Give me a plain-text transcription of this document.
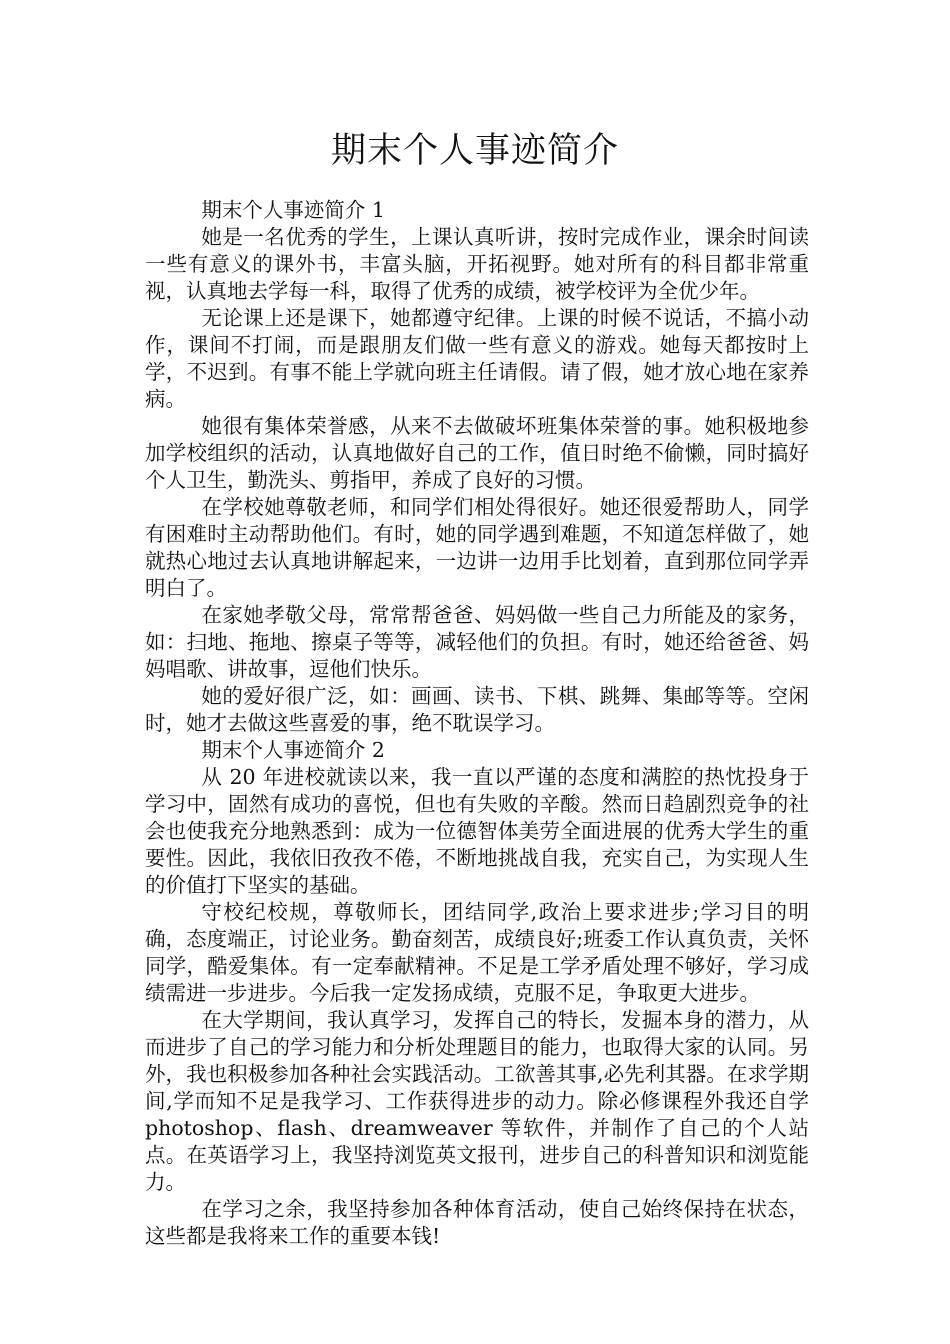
期末个人事迹简介

期末个人事迹简介 1

她是一名优秀的学生，上课认真听讲，按时完成作业，课余时间读一些有意义的课外书，丰富头脑，开拓视野。她对所有的科目都非常重视，认真地去学每一科，取得了优秀的成绩，被学校评为全优少年。

无论课上还是课下，她都遵守纪律。上课的时候不说话，不搞小动作，课间不打闹，而是跟朋友们做一些有意义的游戏。她每天都按时上学，不迟到。有事不能上学就向班主任请假。请了假，她才放心地在家养病。

她很有集体荣誉感，从来不去做破坏班集体荣誉的事。她积极地参加学校组织的活动，认真地做好自己的工作，值日时绝不偷懒，同时搞好个人卫生，勤洗头、剪指甲，养成了良好的习惯。

在学校她尊敬老师，和同学们相处得很好。她还很爱帮助人，同学有困难时主动帮助他们。有时，她的同学遇到难题，不知道怎样做了，她就热心地过去认真地讲解起来，一边讲一边用手比划着，直到那位同学弄明白了。

在家她孝敬父母，常常帮爸爸、妈妈做一些自己力所能及的家务，如：扫地、拖地、擦桌子等等，减轻他们的负担。有时，她还给爸爸、妈妈唱歌、讲故事，逗他们快乐。

她的爱好很广泛，如：画画、读书、下棋、跳舞、集邮等等。空闲时，她才去做这些喜爱的事，绝不耽误学习。

期末个人事迹简介 2

从 20 年进校就读以来，我一直以严谨的态度和满腔的热忱投身于学习中，固然有成功的喜悦，但也有失败的辛酸。然而日趋剧烈竞争的社会也使我充分地熟悉到：成为一位德智体美劳全面进展的优秀大学生的重要性。因此，我依旧孜孜不倦，不断地挑战自我，充实自己，为实现人生的价值打下坚实的基础。

守校纪校规，尊敬师长，团结同学,政治上要求进步;学习目的明确，态度端正，讨论业务。勤奋刻苦，成绩良好;班委工作认真负责，关怀同学，酷爱集体。有一定奉献精神。不足是工学矛盾处理不够好，学习成绩需进一步进步。今后我一定发扬成绩，克服不足，争取更大进步。

在大学期间，我认真学习，发挥自己的特长，发掘本身的潜力，从而进步了自己的学习能力和分析处理题目的能力，也取得大家的认同。另外，我也积极参加各种社会实践活动。工欲善其事,必先利其器。在求学期间,学而知不足是我学习、工作获得进步的动力。除必修课程外我还自学 photoshop、flash、dreamweaver 等软件，并制作了自己的个人站点。在英语学习上，我坚持浏览英文报刊，进步自己的科普知识和浏览能力。

在学习之余，我坚持参加各种体育活动，使自己始终保持在状态，这些都是我将来工作的重要本钱!
